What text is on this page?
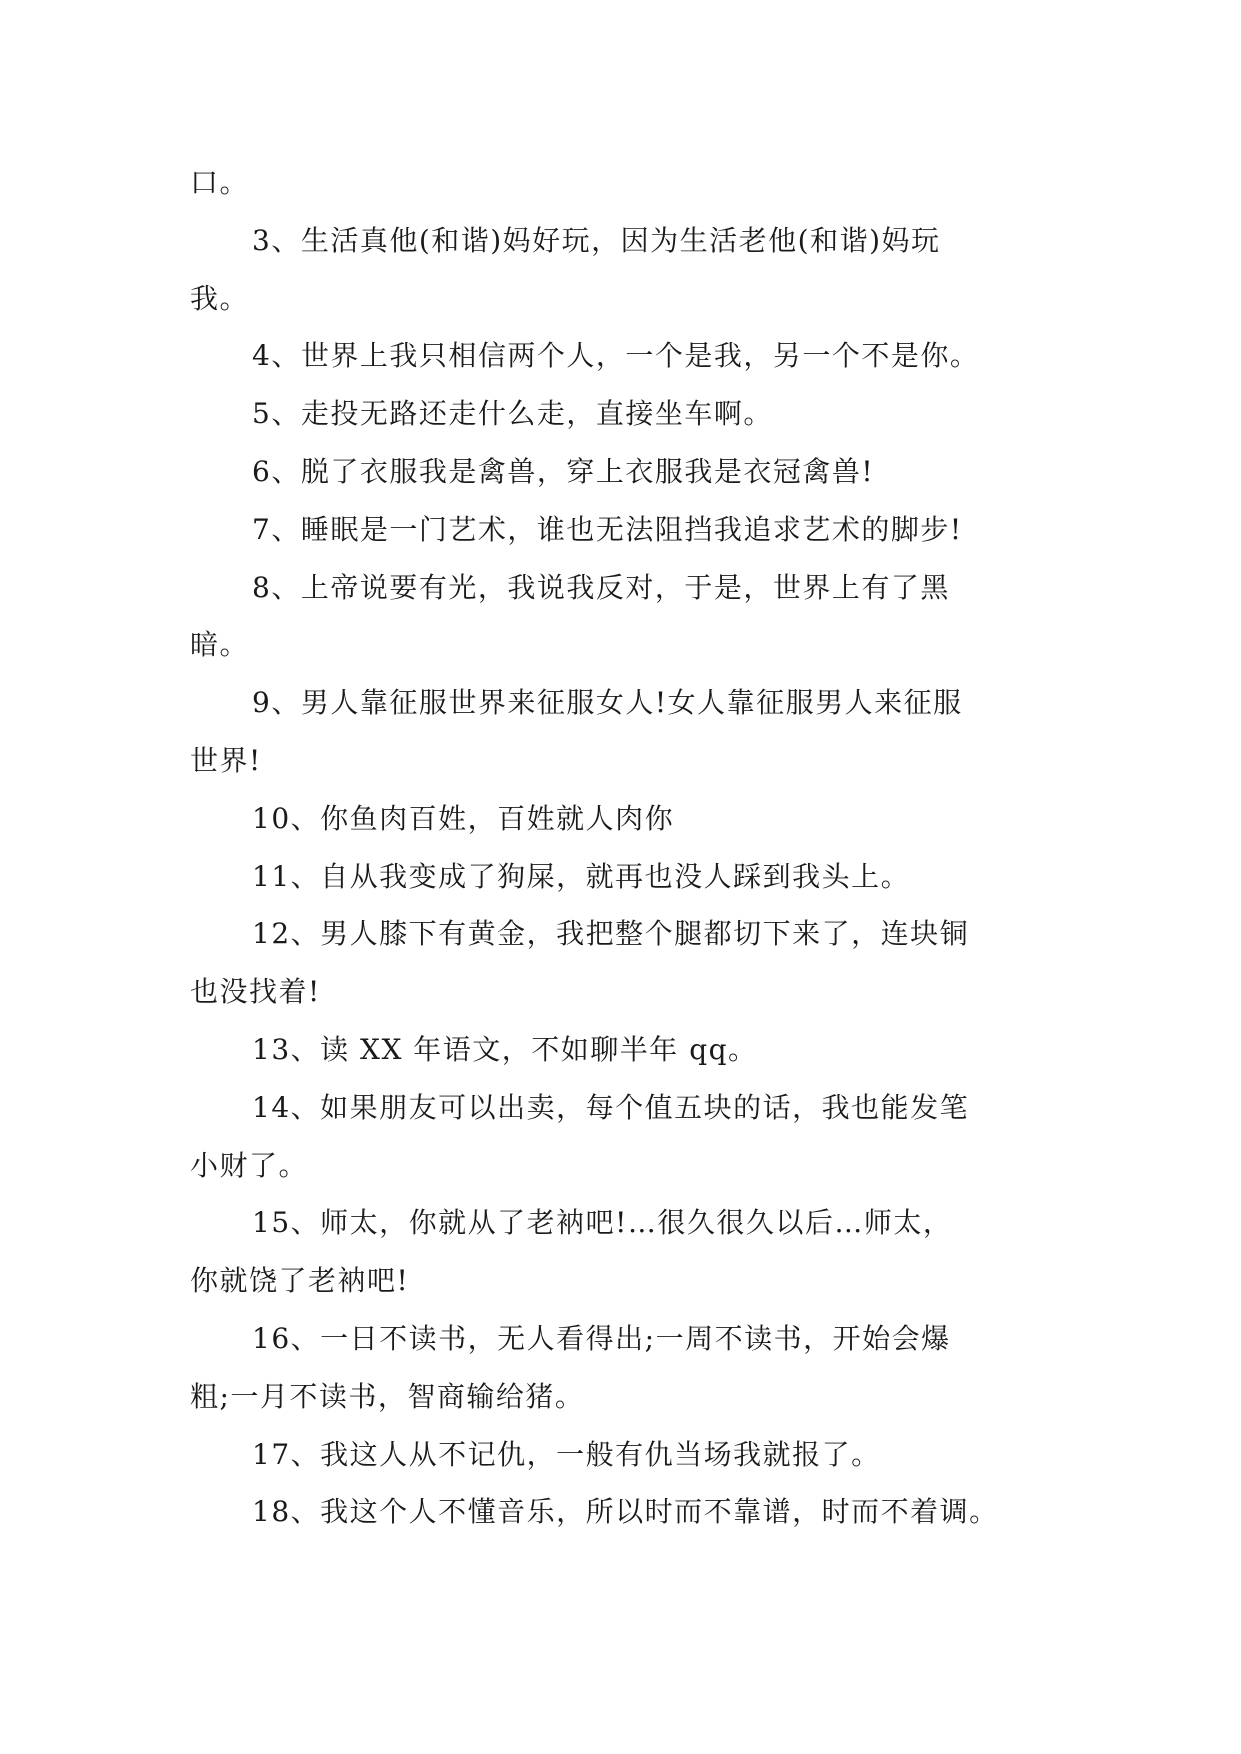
口。

3、生活真他(和谐)妈好玩，因为生活老他(和谐)妈玩

我。

4、世界上我只相信两个人，一个是我，另一个不是你。

5、走投无路还走什么走，直接坐车啊。

6、脱了衣服我是禽兽，穿上衣服我是衣冠禽兽!

7、睡眠是一门艺术，谁也无法阻挡我追求艺术的脚步!

8、上帝说要有光，我说我反对，于是，世界上有了黑

暗。

9、男人靠征服世界来征服女人!女人靠征服男人来征服

世界!

10、你鱼肉百姓，百姓就人肉你

11、自从我变成了狗屎，就再也没人踩到我头上。

12、男人膝下有黄金，我把整个腿都切下来了，连块铜

也没找着!

13、读 XX 年语文，不如聊半年 qq。

14、如果朋友可以出卖，每个值五块的话，我也能发笔

小财了。

15、师太，你就从了老衲吧!…很久很久以后…师太，

你就饶了老衲吧!

16、一日不读书，无人看得出;一周不读书，开始会爆

粗;一月不读书，智商输给猪。

17、我这人从不记仇，一般有仇当场我就报了。

18、我这个人不懂音乐，所以时而不靠谱，时而不着调。
